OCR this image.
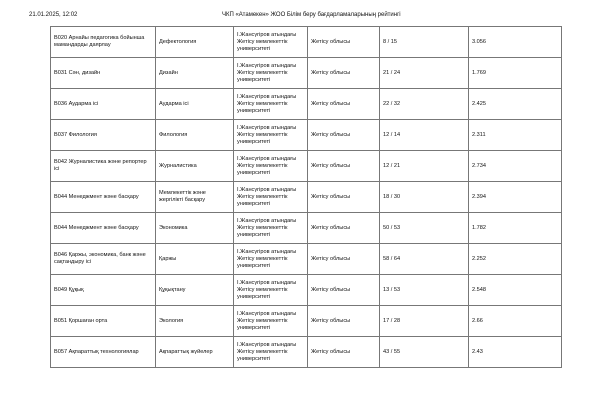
21.01.2025, 12:02	ЧКП «Атамекен» ЖОО Білім беру бағдарламаларының рейтингі
B020 Арнайы педагогика бойынша мамандарды даярлау	Дефектология	І.Жансүгіров атындағы Жетісу мемлекеттік университеті	Жетісу облысы	8 / 15	3.056
B031 Сән, дизайн	Дизайн	І.Жансүгіров атындағы Жетісу мемлекеттік университеті	Жетісу облысы	21 / 24	1.769
B036 Аударма ісі	Аударма ісі	І.Жансүгіров атындағы Жетісу мемлекеттік университеті	Жетісу облысы	22 / 32	2.425
B037 Филология	Филология	І.Жансүгіров атындағы Жетісу мемлекеттік университеті	Жетісу облысы	12 / 14	2.311
B042 Журналистика және репортер ісі	Журналистика	І.Жансүгіров атындағы Жетісу мемлекеттік университеті	Жетісу облысы	12 / 21	2.734
B044 Менеджмент және басқару	Мемлекеттік және жергілікті басқару	І.Жансүгіров атындағы Жетісу мемлекеттік университеті	Жетісу облысы	18 / 30	2.394
B044 Менеджмент және басқару	Экономика	І.Жансүгіров атындағы Жетісу мемлекеттік университеті	Жетісу облысы	50 / 53	1.782
B046 Қаржы, экономика, банк және сақтандыру ісі	Қаржы	І.Жансүгіров атындағы Жетісу мемлекеттік университеті	Жетісу облысы	58 / 64	2.252
B049 Құқық	Құқықтану	І.Жансүгіров атындағы Жетісу мемлекеттік университеті	Жетісу облысы	13 / 53	2.548
B051 Қоршаған орта	Экология	І.Жансүгіров атындағы Жетісу мемлекеттік университеті	Жетісу облысы	17 / 28	2.66
B057 Ақпараттық технологиялар	Ақпараттық жүйелер	І.Жансүгіров атындағы Жетісу мемлекеттік университеті	Жетісу облысы	43 / 55	2.43
